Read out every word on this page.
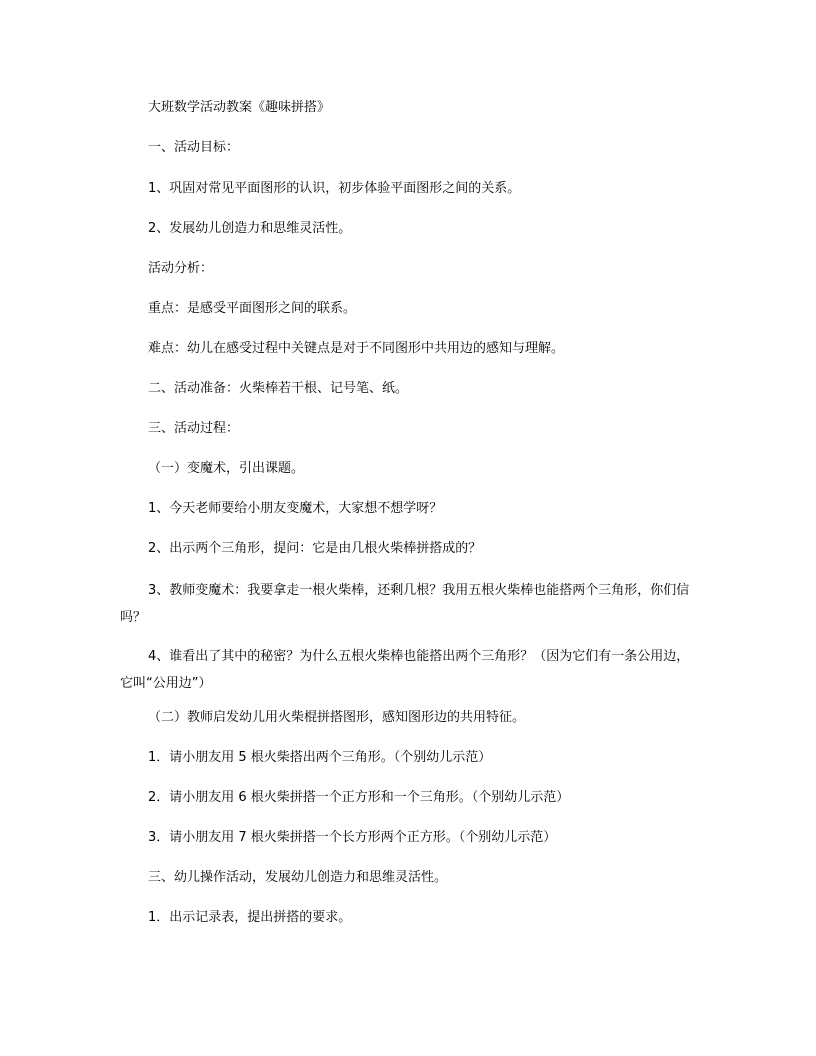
大班数学活动教案《趣味拼搭》

一、活动目标：

1、巩固对常见平面图形的认识，初步体验平面图形之间的关系。

2、发展幼儿创造力和思维灵活性。

活动分析：

重点：是感受平面图形之间的联系。

难点：幼儿在感受过程中关键点是对于不同图形中共用边的感知与理解。

二、活动准备：火柴棒若干根、记号笔、纸。

三、活动过程：

（一）变魔术，引出课题。

1、今天老师要给小朋友变魔术，大家想不想学呀？

2、出示两个三角形，提问：它是由几根火柴棒拼搭成的？

3、教师变魔术：我要拿走一根火柴棒，还剩几根？我用五根火柴棒也能搭两个三角形，你们信吗？

4、谁看出了其中的秘密？为什么五根火柴棒也能搭出两个三角形？（因为它们有一条公用边，它叫“公用边”）

（二）教师启发幼儿用火柴棍拼搭图形，感知图形边的共用特征。

1．请小朋友用 5 根火柴搭出两个三角形。（个别幼儿示范）

2．请小朋友用 6 根火柴拼搭一个正方形和一个三角形。（个别幼儿示范）

3．请小朋友用 7 根火柴拼搭一个长方形两个正方形。（个别幼儿示范）

三、幼儿操作活动，发展幼儿创造力和思维灵活性。

1．出示记录表，提出拼搭的要求。
